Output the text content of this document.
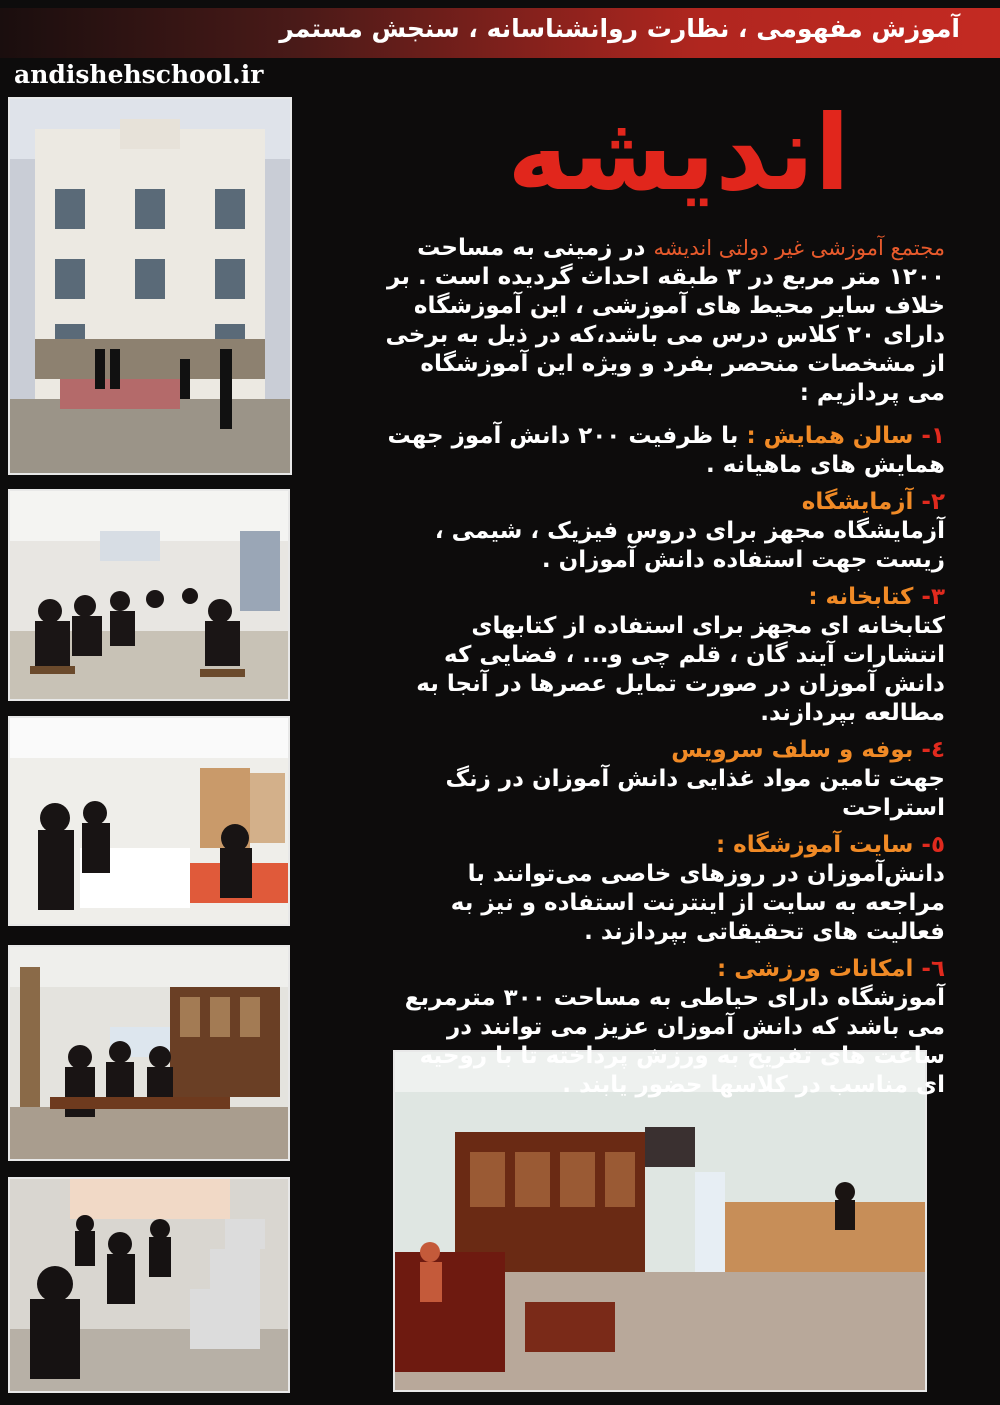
آموزش مفهومی ، نظارت روانشناسانه ، سنجش مستمر
andishehschool.ir
اندیشه

مجتمع آموزشی غیر دولتی اندیشه در زمینی به مساحت ۱۲۰۰ متر مربع در ۳ طبقه احداث گردیده است . بر خلاف سایر محیط های آموزشی ، این آموزشگاه دارای ۲۰ کلاس درس می باشد،که در ذیل به برخی از مشخصات منحصر بفرد و ویژه این آموزشگاه می پردازیم :

۱- سالن همایش : با ظرفیت ۲۰۰ دانش آموز جهت همایش های ماهیانه .
۲- آزمایشگاه
آزمایشگاه مجهز برای دروس فیزیک ، شیمی ، زیست جهت استفاده دانش آموزان .
۳- کتابخانه :
کتابخانه ای مجهز برای استفاده از کتابهای انتشارات آیند گان ، قلم چی و... ، فضایی که دانش آموزان در صورت تمایل عصرها در آنجا به مطالعه بپردازند.
٤- بوفه و سلف سرویس
جهت تامین مواد غذایی دانش آموزان در زنگ استراحت
٥- سایت آموزشگاه :
دانش‌آموزان در روزهای خاصی می‌توانند با مراجعه به سایت از اینترنت استفاده و نیز به فعالیت های تحقیقاتی بپردازند .
٦- امکانات ورزشی :
آموزشگاه دارای حیاطی به مساحت ۳۰۰ مترمربع می باشد که دانش آموزان عزیز می توانند در ساعت های تفریح به ورزش پرداخته تا با روحیه ای مناسب در کلاسها حضور یابند .
